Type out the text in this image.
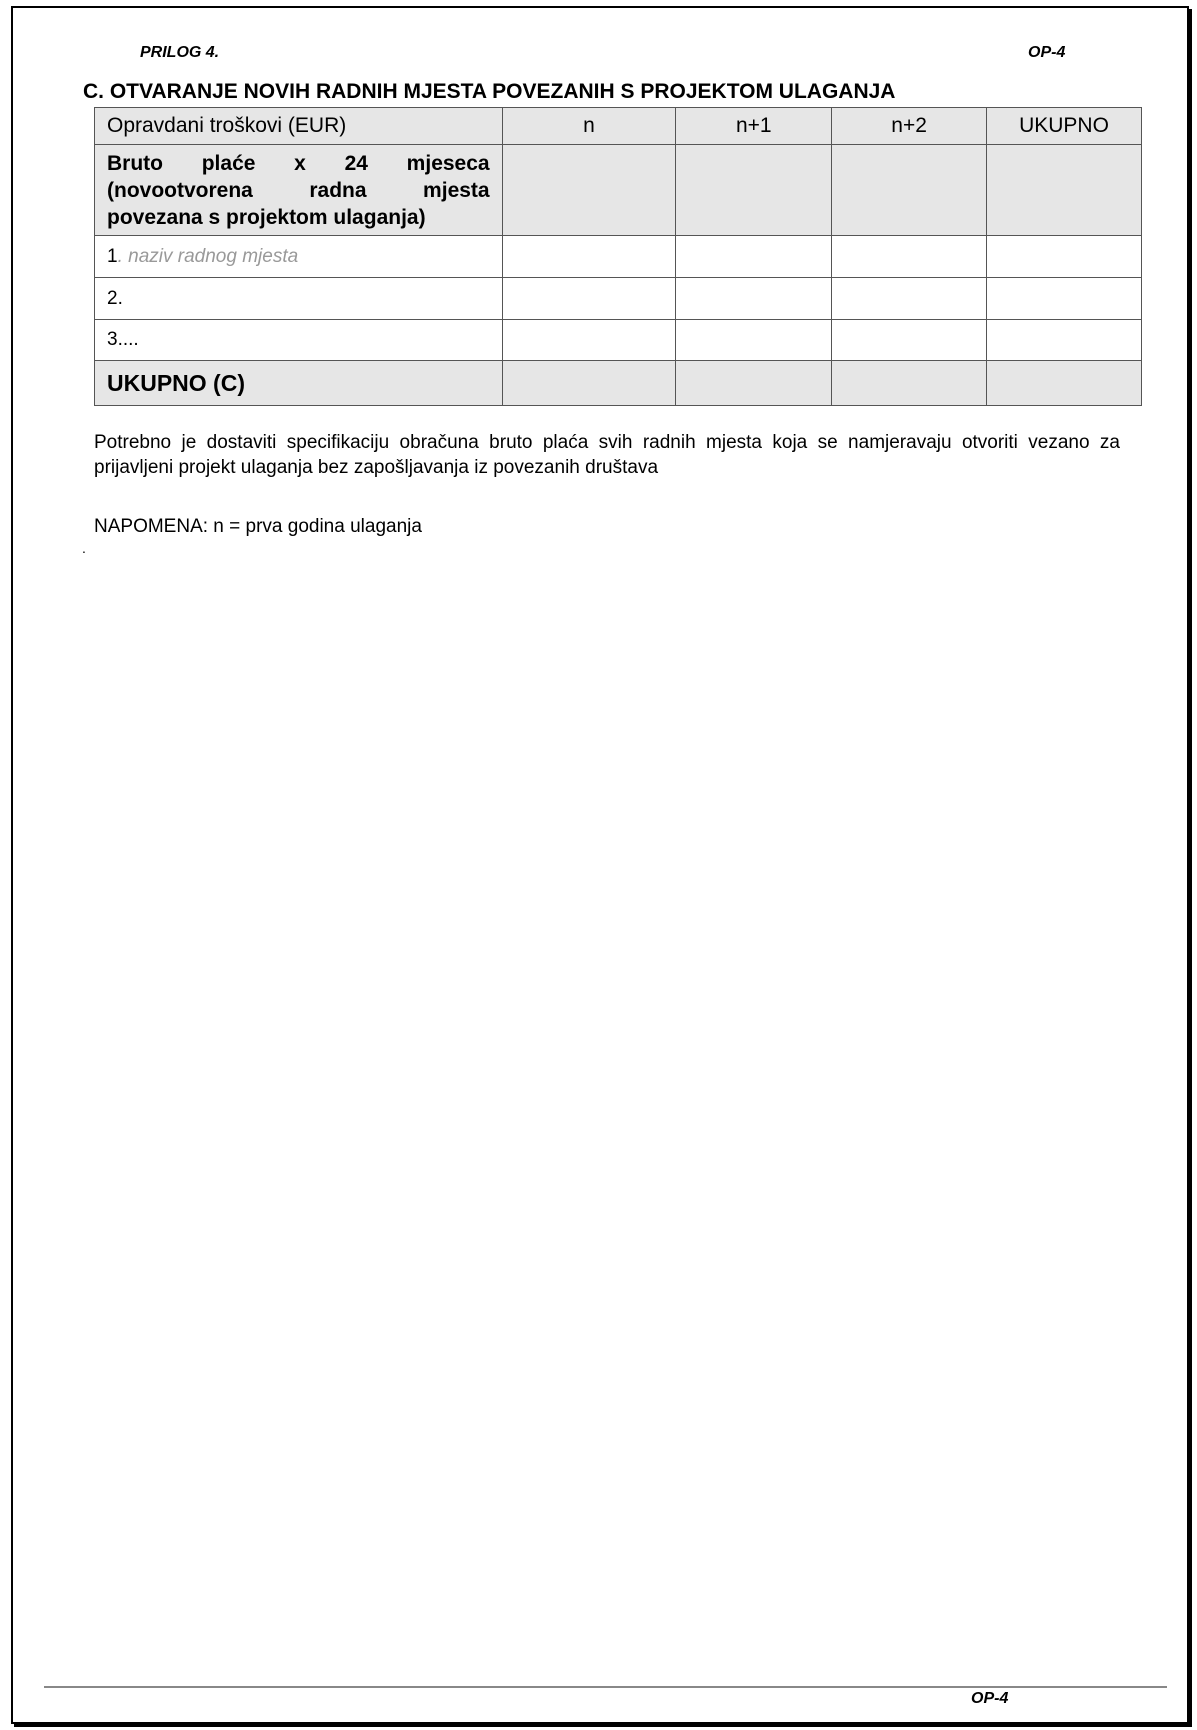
PRILOG 4.	OP-4
C. OTVARANJE NOVIH RADNIH MJESTA POVEZANIH S PROJEKTOM ULAGANJA
Opravdani troškovi (EUR)	n	n+1	n+2	UKUPNO

Bruto plaće x 24 mjeseca
(novootvorena radna mjesta
povezana s projektom ulaganja)				

1. naziv radnog mjesta				
2.				
3....				
UKUPNO (C)				
Potrebno je dostaviti specifikaciju obračuna bruto plaća svih radnih mjesta koja se namjeravaju otvoriti vezano za prijavljeni projekt ulaganja bez zapošljavanja iz povezanih društava
NAPOMENA: n = prva godina ulaganja
.
OP-4
